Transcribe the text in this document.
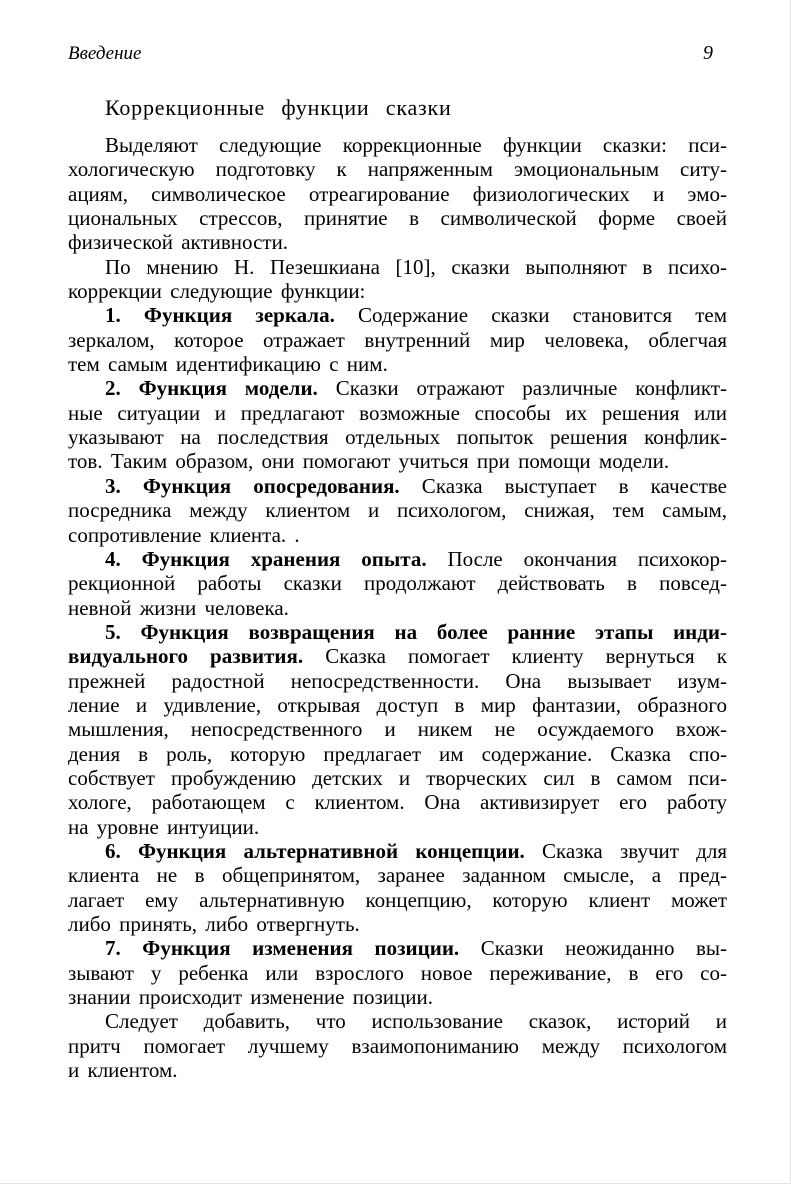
Введение	9
Коррекционные функции сказки
Выделяют следующие коррекционные функции сказки: пси-
хологическую подготовку к напряженным эмоциональным ситу-
ациям, символическое отреагирование физиологических и эмо-
циональных стрессов, принятие в символической форме своей
физической активности.
По мнению Н. Пезешкиана [10], сказки выполняют в психо-
коррекции следующие функции:
1. Функция зеркала. Содержание сказки становится тем
зеркалом, которое отражает внутренний мир человека, облегчая
тем самым идентификацию с ним.
2. Функция модели. Сказки отражают различные конфликт-
ные ситуации и предлагают возможные способы их решения или
указывают на последствия отдельных попыток решения конфлик-
тов. Таким образом, они помогают учиться при помощи модели.
3. Функция опосредования. Сказка выступает в качестве
посредника между клиентом и психологом, снижая, тем самым,
сопротивление клиента. .
4. Функция хранения опыта. После окончания психокор-
рекционной работы сказки продолжают действовать в повсед-
невной жизни человека.
5. Функция возвращения на более ранние этапы инди-
видуального развития. Сказка помогает клиенту вернуться к
прежней радостной непосредственности. Она вызывает изум-
ление и удивление, открывая доступ в мир фантазии, образного
мышления, непосредственного и никем не осуждаемого вхож-
дения в роль, которую предлагает им содержание. Сказка спо-
собствует пробуждению детских и творческих сил в самом пси-
хологе, работающем с клиентом. Она активизирует его работу
на уровне интуиции.
6. Функция альтернативной концепции. Сказка звучит для
клиента не в общепринятом, заранее заданном смысле, а пред-
лагает ему альтернативную концепцию, которую клиент может
либо принять, либо отвергнуть.
7. Функция изменения позиции. Сказки неожиданно вы-
зывают у ребенка или взрослого новое переживание, в его со-
знании происходит изменение позиции.
Следует добавить, что использование сказок, историй и
притч помогает лучшему взаимопониманию между психологом
и клиентом.
